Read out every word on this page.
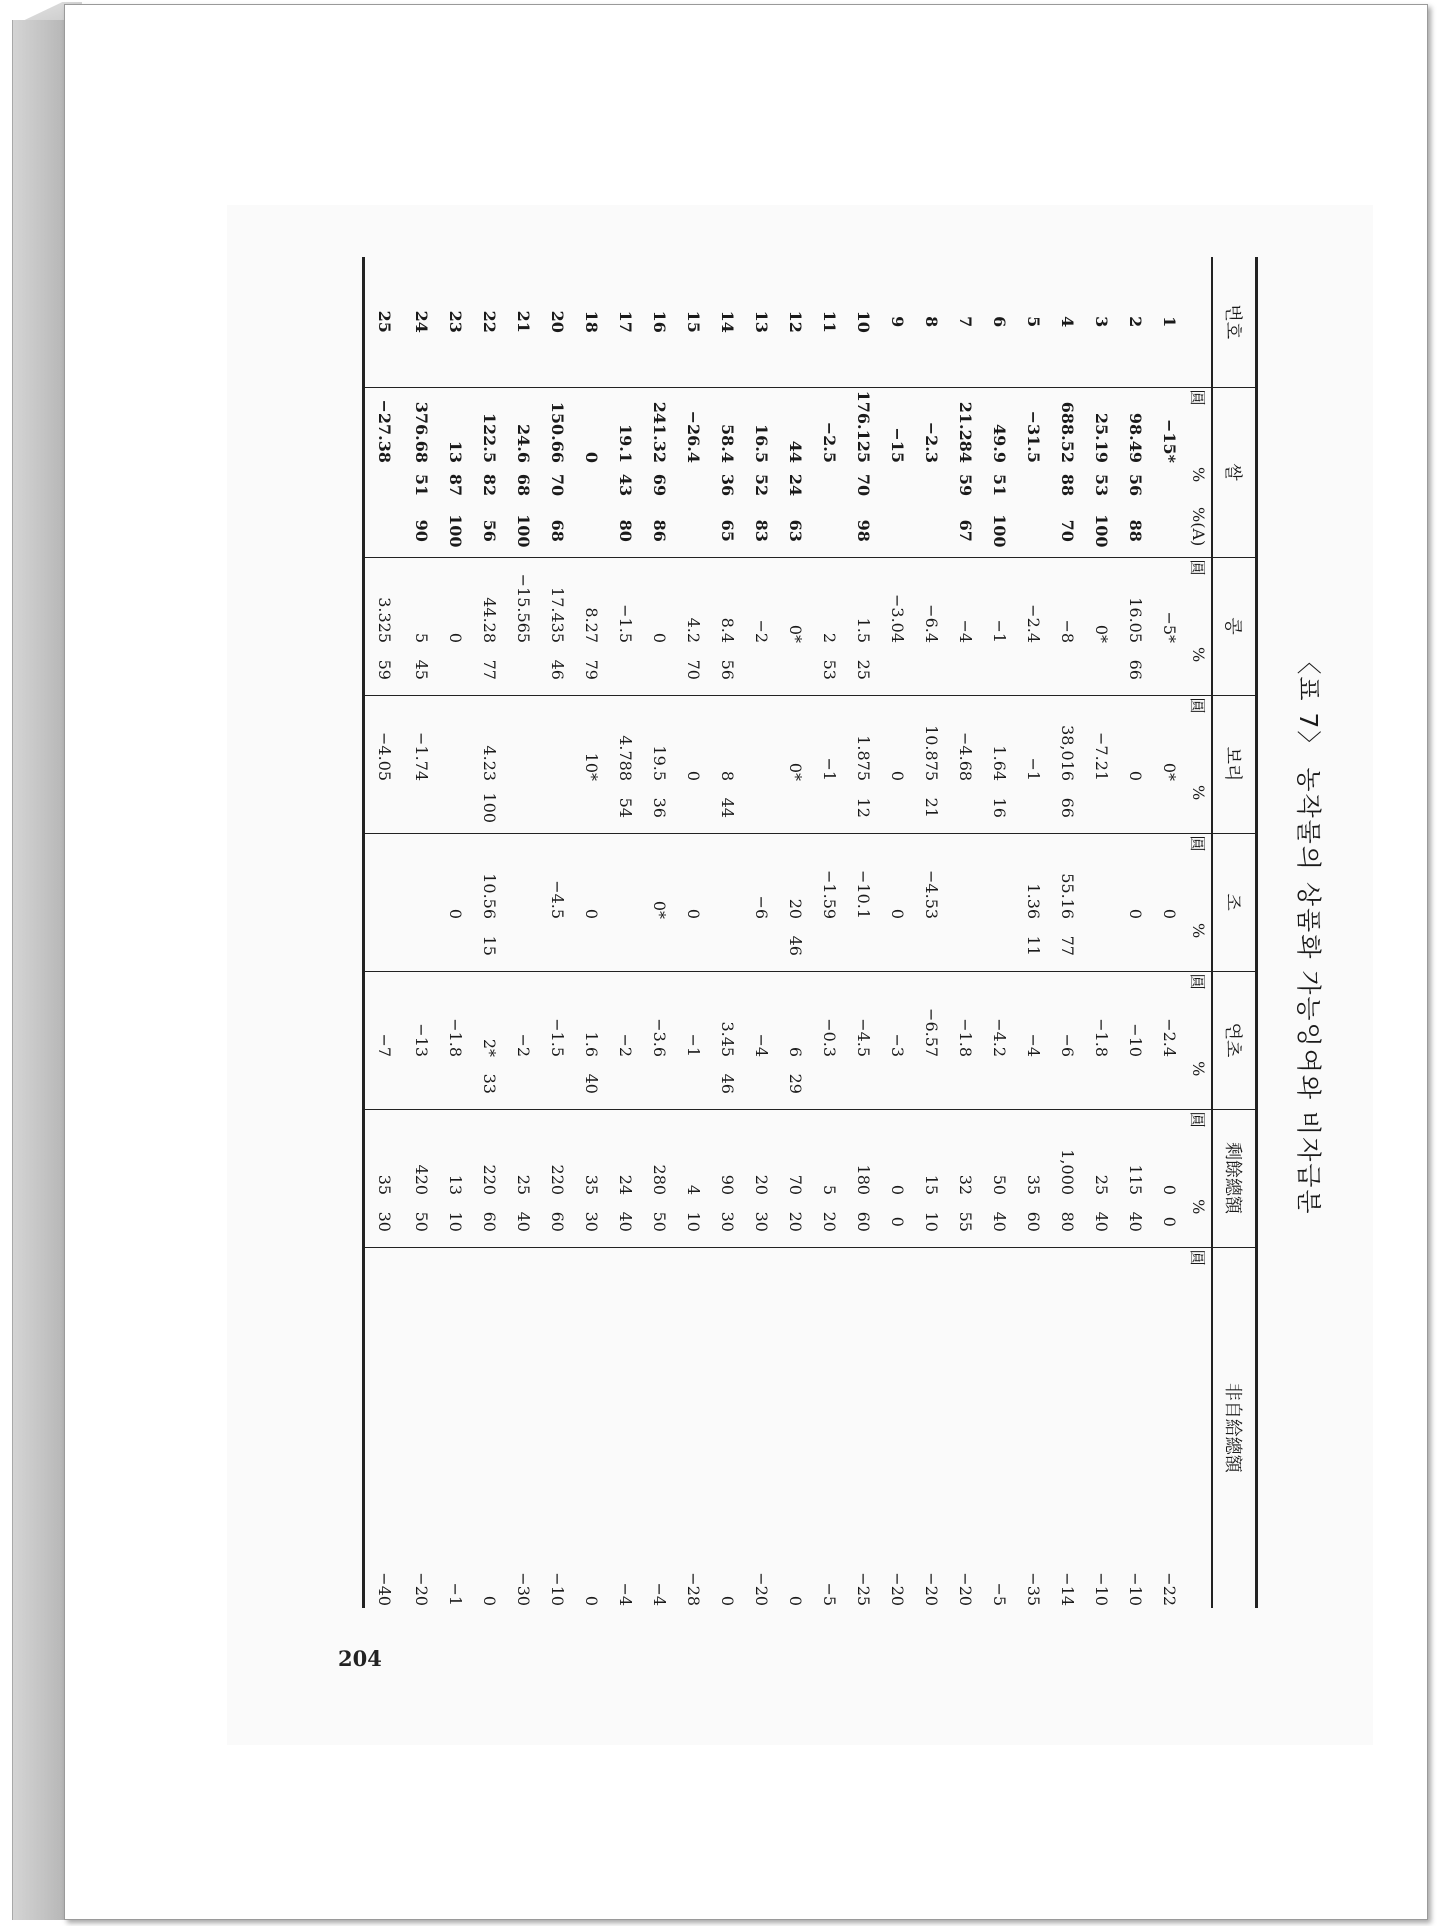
204
〈표 7〉 농작물의 상품화 가능잉여와 비자급분
번호	쌀			콩		보리		조		연초		剩餘總額		非自給總額
	圓	%	%(A)	圓	%	圓	%	圓	%	圓	%	圓	%	圓
1	−15*			−5*		0*		0		−2.4		0	0	−22
2	98.49	56	88	16.05	66	0		0		−10		115	40	−10
3	25.19	53	100	0*		−7.21				−1.8		25	40	−10
4	688.52	88	70	−8		38,016	66	55.16	77	−6		1,000	80	−14
5	−31.5			−2.4		−1		1.36	11	−4		35	60	−35
6	49.9	51	100	−1		1.64	16			−4.2		50	40	−5
7	21.284	59	67	−4		−4.68				−1.8		32	55	−20
8	−2.3			−6.4		10.875	21	−4.53		−6.57		15	10	−20
9	−15			−3.04		0		0		−3		0	0	−20
10	176.125	70	98	1.5	25	1.875	12	−10.1		−4.5		180	60	−25
11	−2.5			2	53	−1		−1.59		−0.3		5	20	−5
12	44	24	63	0*		0*		20	46	6	29	70	20	0
13	16.5	52	83	−2				−6		−4		20	30	−20
14	58.4	36	65	8.4	56	8	44			3.45	46	90	30	0
15	−26.4			4.2	70	0		0		−1		4	10	−28
16	241.32	69	86	0		19.5	36	0*		−3.6		280	50	−4
17	19.1	43	80	−1.5		4.788	54			−2		24	40	−4
18	0			8.27	79	10*		0		1.6	40	35	30	0
20	150.66	70	68	17.435	46			−4.5		−1.5		220	60	−10
21	24.6	68	100	−15.565						−2		25	40	−30
22	122.5	82	56	44.28	77	4.23	100	10.56	15	2*	33	220	60	0
23	13	87	100	0				0		−1.8		13	10	−1
24	376.68	51	90	5	45	−1.74				−13		420	50	−20
25	−27.38			3.325	59	−4.05				−7		35	30	−40
